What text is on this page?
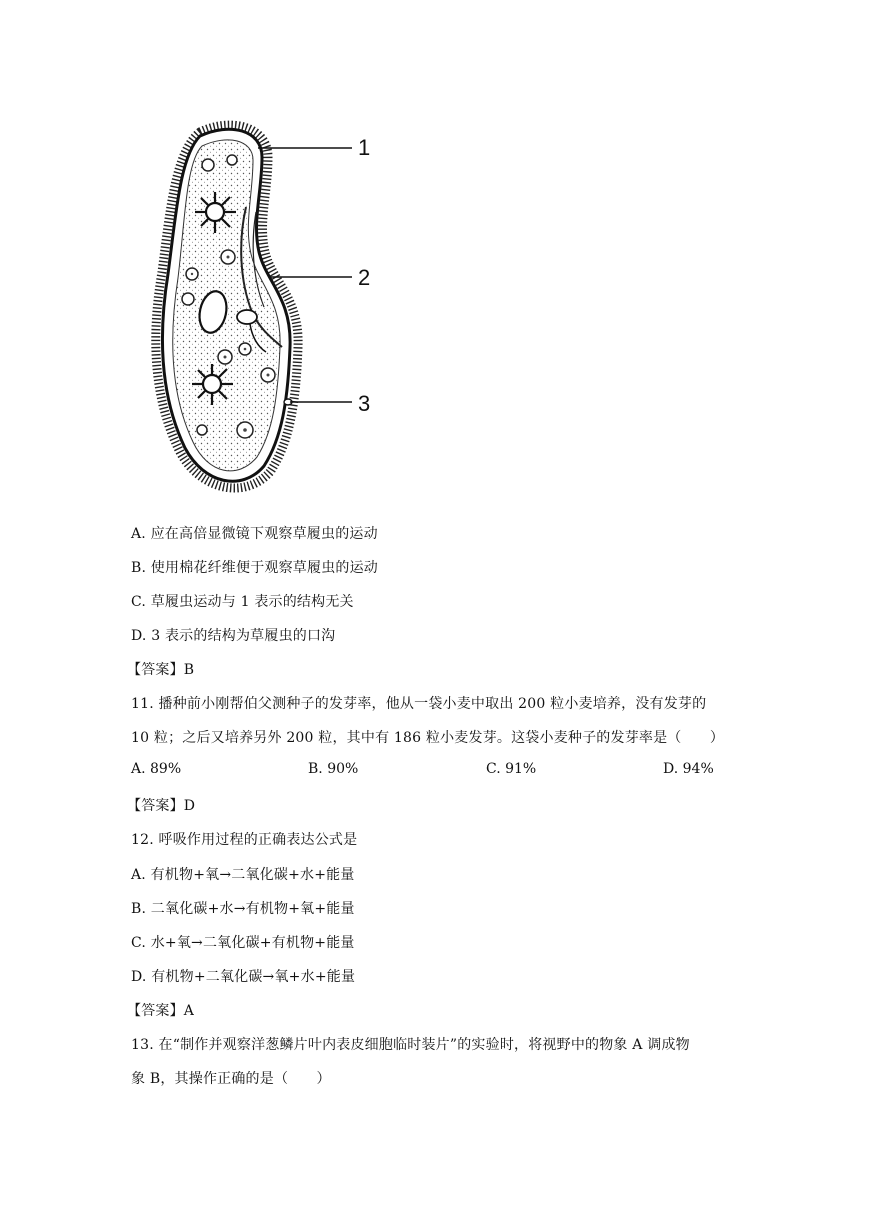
1
2
3
A. 应在高倍显微镜下观察草履虫的运动
B. 使用棉花纤维便于观察草履虫的运动
C. 草履虫运动与 1 表示的结构无关
D. 3 表示的结构为草履虫的口沟
【答案】B
11. 播种前小刚帮伯父测种子的发芽率，他从一袋小麦中取出 200 粒小麦培养，没有发芽的
10 粒；之后又培养另外 200 粒，其中有 186 粒小麦发芽。这袋小麦种子的发芽率是（　　）
A. 89%	B. 90%	C. 91%	D. 94%
【答案】D
12. 呼吸作用过程的正确表达公式是
A. 有机物+氧→二氧化碳+水+能量
B. 二氧化碳+水→有机物+氧+能量
C. 水+氧→二氧化碳+有机物+能量
D. 有机物+二氧化碳→氧+水+能量
【答案】A
13. 在“制作并观察洋葱鳞片叶内表皮细胞临时装片”的实验时，将视野中的物象 A 调成物
象 B，其操作正确的是（　　）
